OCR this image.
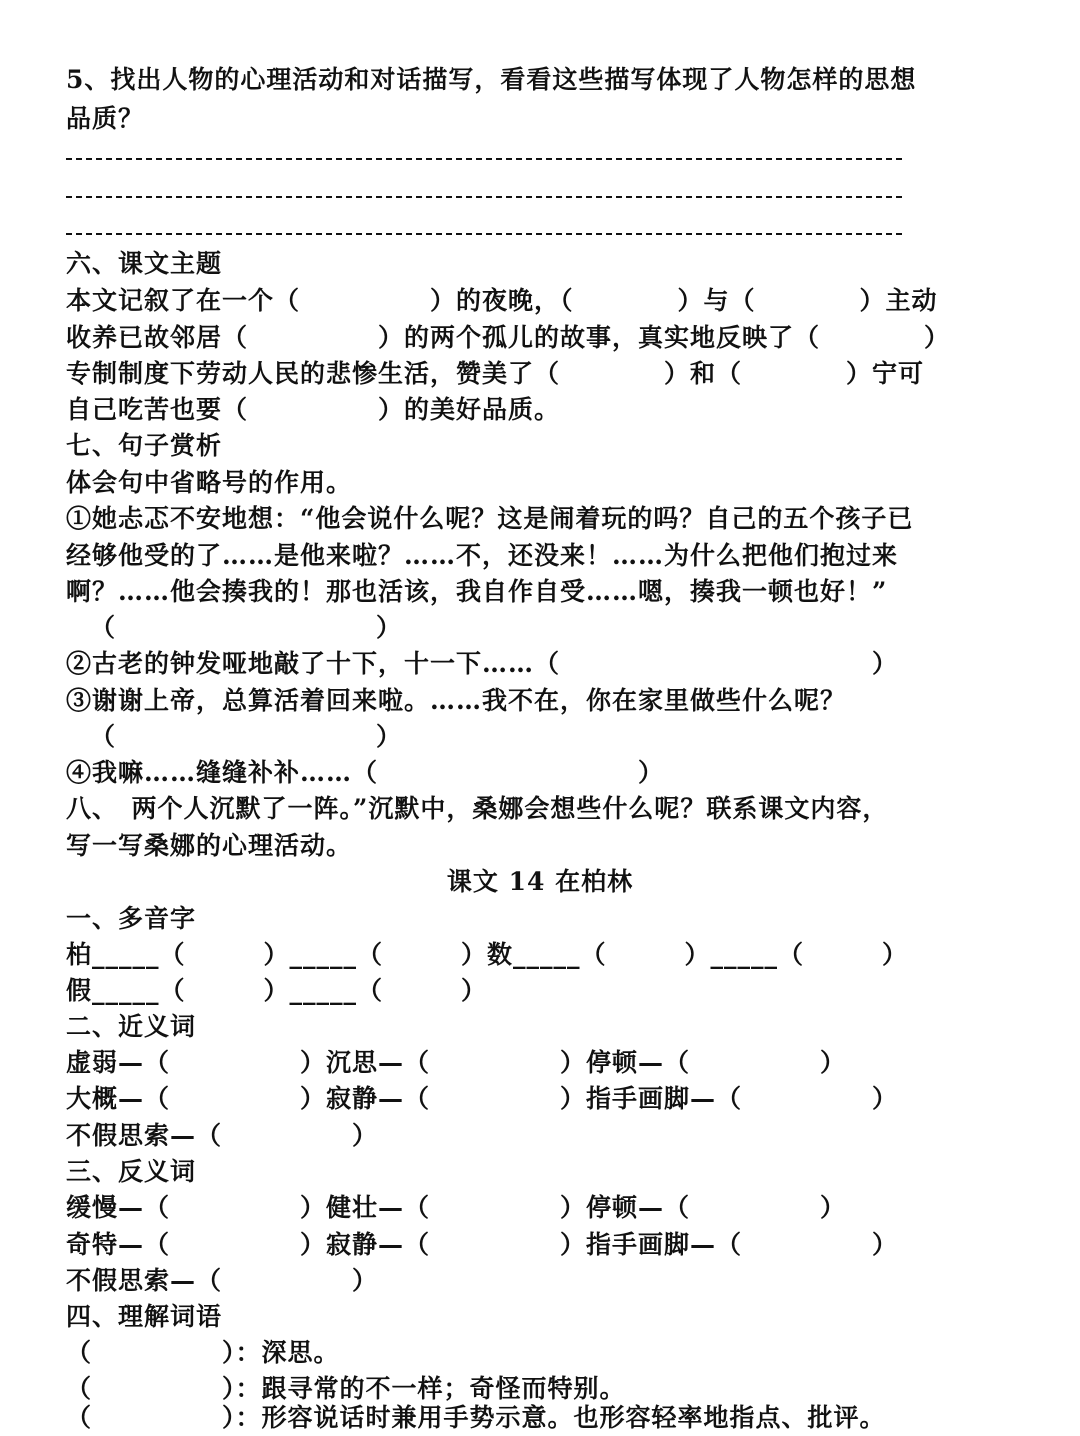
5、找出人物的心理活动和对话描写，看看这些描写体现了人物怎样的思想
品质？
六、课文主题
本文记叙了在一个（　　　　　）的夜晚，（　　　　）与（　　　　）主动
收养已故邻居（　　　　　）的两个孤儿的故事，真实地反映了（　　　　）
专制制度下劳动人民的悲惨生活，赞美了（　　　　）和（　　　　）宁可
自己吃苦也要（　　　　　）的美好品质。
七、句子赏析
体会句中省略号的作用。
①她忐忑不安地想：“他会说什么呢？这是闹着玩的吗？自己的五个孩子已
经够他受的了……是他来啦？……不，还没来！……为什么把他们抱过来
啊？……他会揍我的！那也活该，我自作自受……嗯，揍我一顿也好！”
（　　　　　　　　　　）
②古老的钟发哑地敲了十下，十一下……（　　　　　　　　　　　　）
③谢谢上帝，总算活着回来啦。……我不在，你在家里做些什么呢？
（　　　　　　　　　　）
④我嘛……缝缝补补……（　　　　　　　　　　）
八、　两个人沉默了一阵。”沉默中，桑娜会想些什么呢？联系课文内容，
写一写桑娜的心理活动。
课文 14 在柏林
一、多音字
柏_____（　　　）_____（　　　）数_____（　　　）_____（　　　）
假_____（　　　）_____（　　　）
二、近义词
虚弱—（　　　　　）沉思—（　　　　　）停顿—（　　　　　）
大概—（　　　　　）寂静—（　　　　　）指手画脚—（　　　　　）
不假思索—（　　　　　）
三、反义词
缓慢—（　　　　　）健壮—（　　　　　）停顿—（　　　　　）
奇特—（　　　　　）寂静—（　　　　　）指手画脚—（　　　　　）
不假思索—（　　　　　）
四、理解词语
（　　　　　）：深思。
（　　　　　）：跟寻常的不一样；奇怪而特别。
（　　　　　）：形容说话时兼用手势示意。也形容轻率地指点、批评。
